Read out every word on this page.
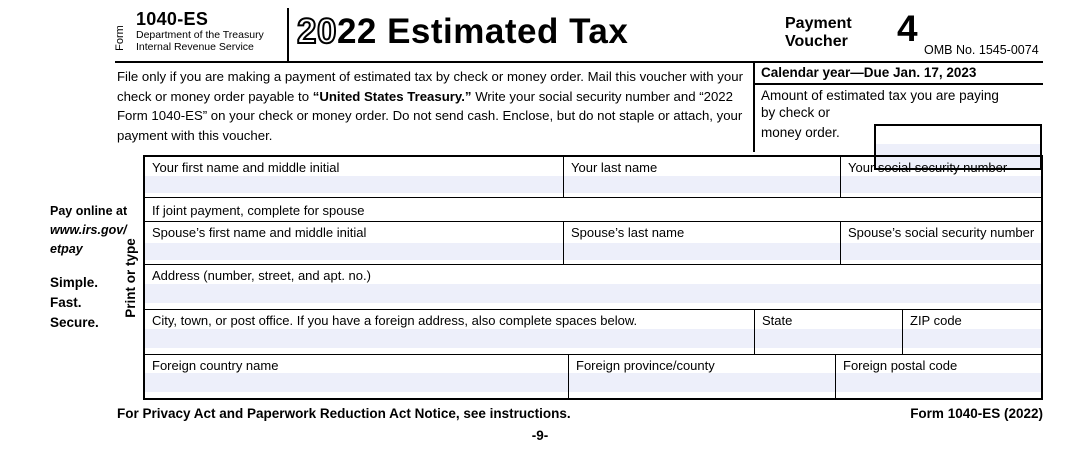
Form
1040-ES
Department of the Treasury
Internal Revenue Service 2022 Estimated Tax	Payment
Voucher 4
OMB No. 1545-0074
File only if you are making a payment of estimated tax by check or money order. Mail this voucher with your check or money order payable to “United States Treasury.” Write your social security number and “2022 Form 1040-ES” on your check or money order. Do not send cash. Enclose, but do not staple or attach, your payment with this voucher.
Calendar year—Due Jan. 17, 2023
Amount of estimated tax you are paying
by check or
money order.
Pay online at
www.irs.gov/
etpay
Simple.
Fast.
Secure.
Print or type
Your first name and middle initial	Your last name	Your social security number
If joint payment, complete for spouse
Spouse’s first name and middle initial	Spouse’s last name	Spouse’s social security number
Address (number, street, and apt. no.)
City, town, or post office. If you have a foreign address, also complete spaces below.	State	ZIP code
Foreign country name	Foreign province/county	Foreign postal code
For Privacy Act and Paperwork Reduction Act Notice, see instructions.	Form 1040-ES (2022)
-9-
